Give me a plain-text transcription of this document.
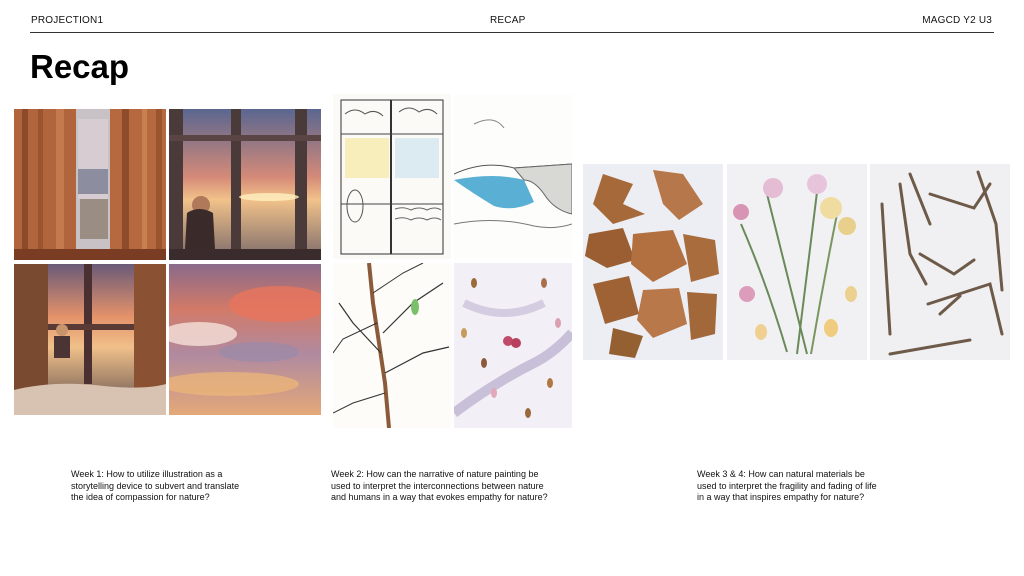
PROJECTION1	RECAP	MAGCD Y2 U3
Recap
Week 1: How to utilize illustration as a
storytelling device to subvert and translate
the idea of compassion for nature?
Week 2: How can the narrative of nature painting be
used to interpret the interconnections between nature
and humans in a way that evokes empathy for nature?
Week 3 & 4: How can natural materials be
used to interpret the fragility and fading of life
in a way that inspires empathy for nature?
